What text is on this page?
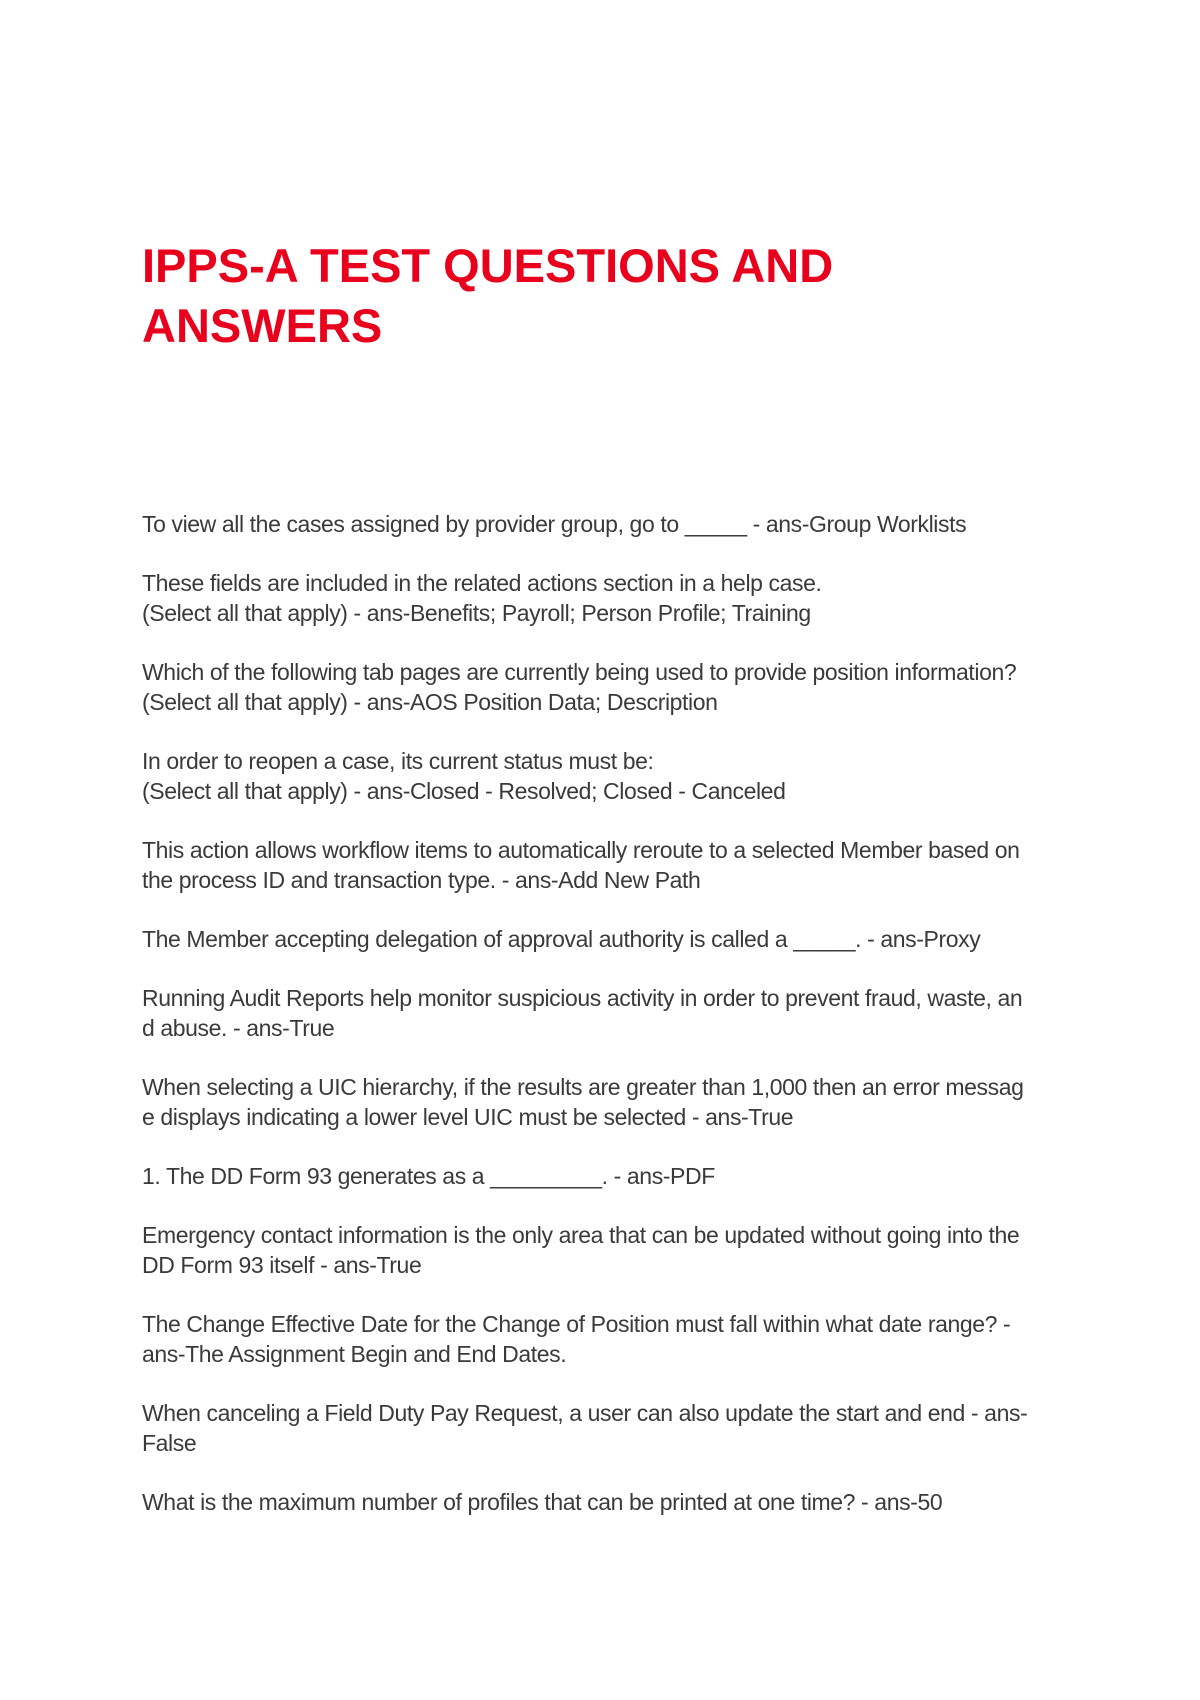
IPPS-A TEST QUESTIONS AND
ANSWERS
To view all the cases assigned by provider group, go to _____ - ans-Group Worklists
These fields are included in the related actions section in a help case.
(Select all that apply) - ans-Benefits; Payroll; Person Profile; Training
Which of the following tab pages are currently being used to provide position information?
(Select all that apply) - ans-AOS Position Data; Description
In order to reopen a case, its current status must be:
(Select all that apply) - ans-Closed - Resolved; Closed - Canceled
This action allows workflow items to automatically reroute to a selected Member based on
the process ID and transaction type. - ans-Add New Path
The Member accepting delegation of approval authority is called a _____. - ans-Proxy
Running Audit Reports help monitor suspicious activity in order to prevent fraud, waste, an
d abuse. - ans-True
When selecting a UIC hierarchy, if the results are greater than 1,000 then an error messag
e displays indicating a lower level UIC must be selected - ans-True
1. The DD Form 93 generates as a _________. - ans-PDF
Emergency contact information is the only area that can be updated without going into the
DD Form 93 itself - ans-True
The Change Effective Date for the Change of Position must fall within what date range? -
ans-The Assignment Begin and End Dates.
When canceling a Field Duty Pay Request, a user can also update the start and end - ans-
False
What is the maximum number of profiles that can be printed at one time? - ans-50
